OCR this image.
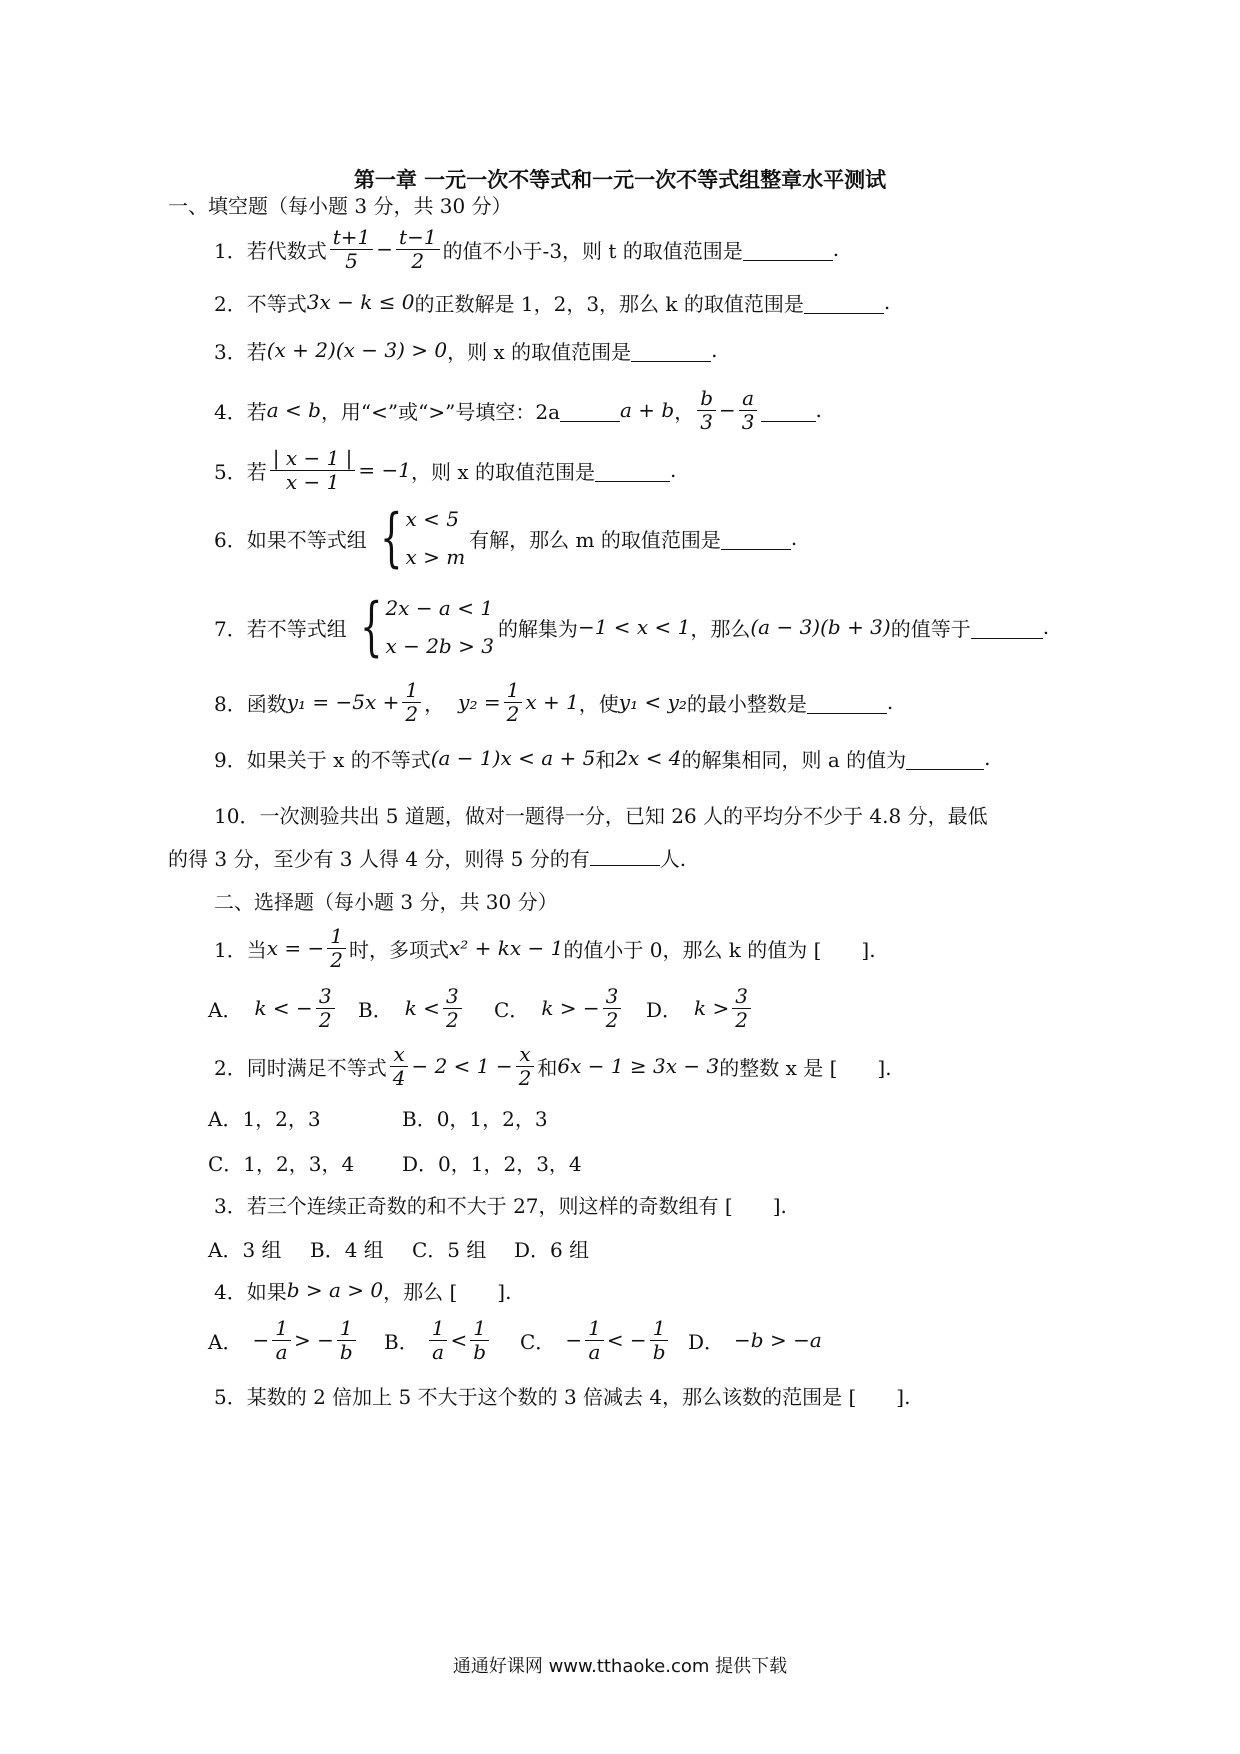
第一章 一元一次不等式和一元一次不等式组整章水平测试
一、填空题（每小题 3 分，共 30 分）
1．若代数式 $\frac{t+1}{5} - \frac{t-1}{2}$ 的值不小于-3，则 t 的取值范围是	.
2．不等式 3x − k ≤ 0 的正数解是 1，2，3，那么 k 的取值范围是	.
3．若 (x + 2)(x − 3) > 0 ，则 x 的取值范围是	.
4．若 a < b ，用“<”或“>”号填空：2a	a + b ， $\frac{b}{3} - \frac{a}{3}$	.
5．若 $\frac{| x - 1 |}{x - 1} = -1$ ，则 x 的取值范围是	.
6．如果不等式组 { x < 5
x > m
有解，那么 m 的取值范围是	.
7．若不等式组 { 2x − a < 1
x − 2b > 3
的解集为 −1 < x < 1 ，那么 (a − 3)(b + 3) 的值等于	.
8．函数 $y_1 = -5x + \frac{1}{2}$ ， $y_2 = \frac{1}{2}$ x + 1 ，使 y₁ < y₂ 的最小整数是	.
9．如果关于 x 的不等式 (a − 1)x < a + 5 和 2x < 4 的解集相同，则 a 的值为	.
10．一次测验共出 5 道题，做对一题得一分，已知 26 人的平均分不少于 4.8 分，最低
的得 3 分，至少有 3 人得 4 分，则得 5 分的有	人.
二、选择题（每小题 3 分，共 30 分）
1．当 x = − $\frac{1}{2}$ 时，多项式 x² + kx − 1 的值小于 0，那么 k 的值为 [　　].
A． k < − $\frac{3}{2}$ B． $k < \frac{3}{2}$ C． k > − $\frac{3}{2}$ D． $k > \frac{3}{2}$
2．同时满足不等式 $\frac{x}{4} - 2 < 1 - \frac{x}{2}$ 和 6x − 1 ≥ 3x − 3 的整数 x 是 [　　].
A．1，2，3	B．0，1，2，3
C．1，2，3，4 D．0，1，2，3，4
3．若三个连续正奇数的和不大于 27，则这样的奇数组有 [　　].
A．3 组 B．4 组 C．5 组 D．6 组
4．如果 b > a > 0 ，那么 [　　].
A． − $\frac{1}{a}$ > − $\frac{1}{b}$ B． $\frac{1}{a} < \frac{1}{b}$ C． − $\frac{1}{a}$ < − $\frac{1}{b}$ D． −b > −a
5．某数的 2 倍加上 5 不大于这个数的 3 倍减去 4，那么该数的范围是 [　　].
通通好课网 www.tthaoke.com 提供下载
